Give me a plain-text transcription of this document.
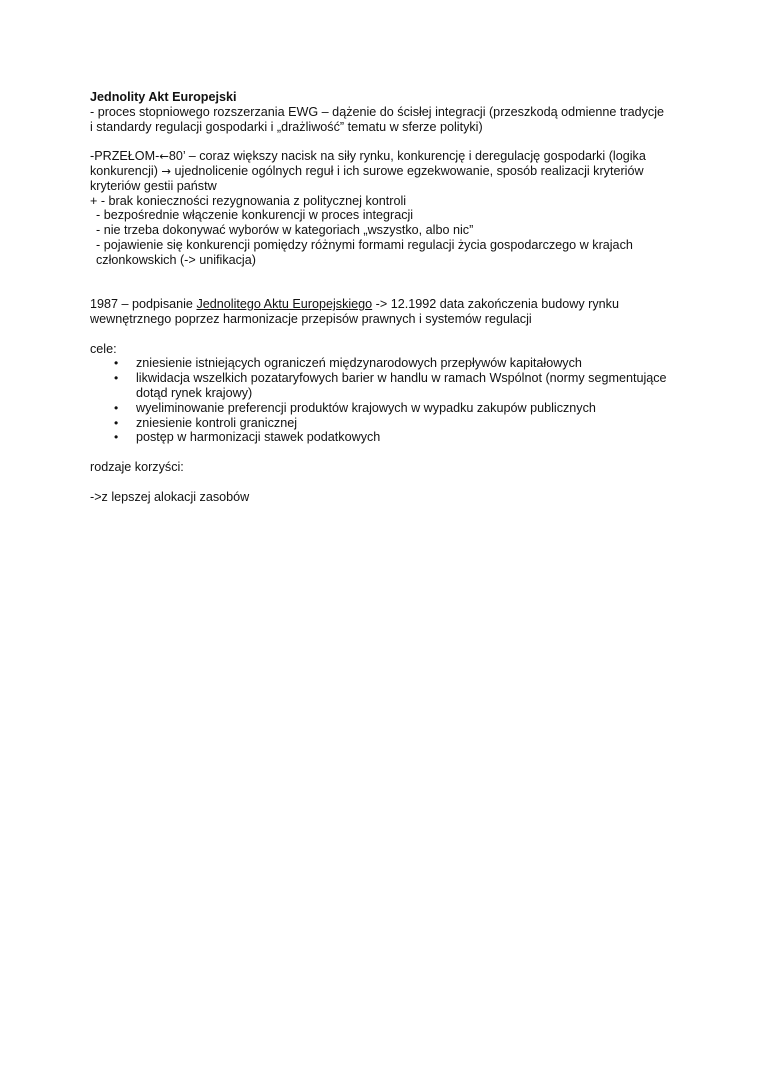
Jednolity Akt Europejski

- proces stopniowego rozszerzania EWG – dążenie do ścisłej integracji (przeszkodą odmienne tradycje i standardy regulacji gospodarki i „drażliwość” tematu w sferze polityki)

-PRZEŁOM-←80’ – coraz większy nacisk na siły rynku, konkurencję i deregulację gospodarki (logika konkurencji) → ujednolicenie ogólnych reguł i ich surowe egzekwowanie, sposób realizacji kryteriów kryteriów gestii państw

+ - brak konieczności rezygnowania z politycznej kontroli

- bezpośrednie włączenie konkurencji w proces integracji

- nie trzeba dokonywać wyborów w kategoriach „wszystko, albo nic”

- pojawienie się konkurencji pomiędzy różnymi formami regulacji życia gospodarczego w krajach członkowskich (-> unifikacja)

1987 – podpisanie Jednolitego Aktu Europejskiego -> 12.1992 data zakończenia budowy rynku wewnętrznego poprzez harmonizacje przepisów prawnych i systemów regulacji

cele:

• zniesienie istniejących ograniczeń międzynarodowych przepływów kapitałowych
• likwidacja wszelkich pozataryfowych barier w handlu w ramach Wspólnot (normy segmentujące dotąd rynek krajowy)
• wyeliminowanie preferencji produktów krajowych w wypadku zakupów publicznych
• zniesienie kontroli granicznej
• postęp w harmonizacji stawek podatkowych

rodzaje korzyści:

->z lepszej alokacji zasobów
